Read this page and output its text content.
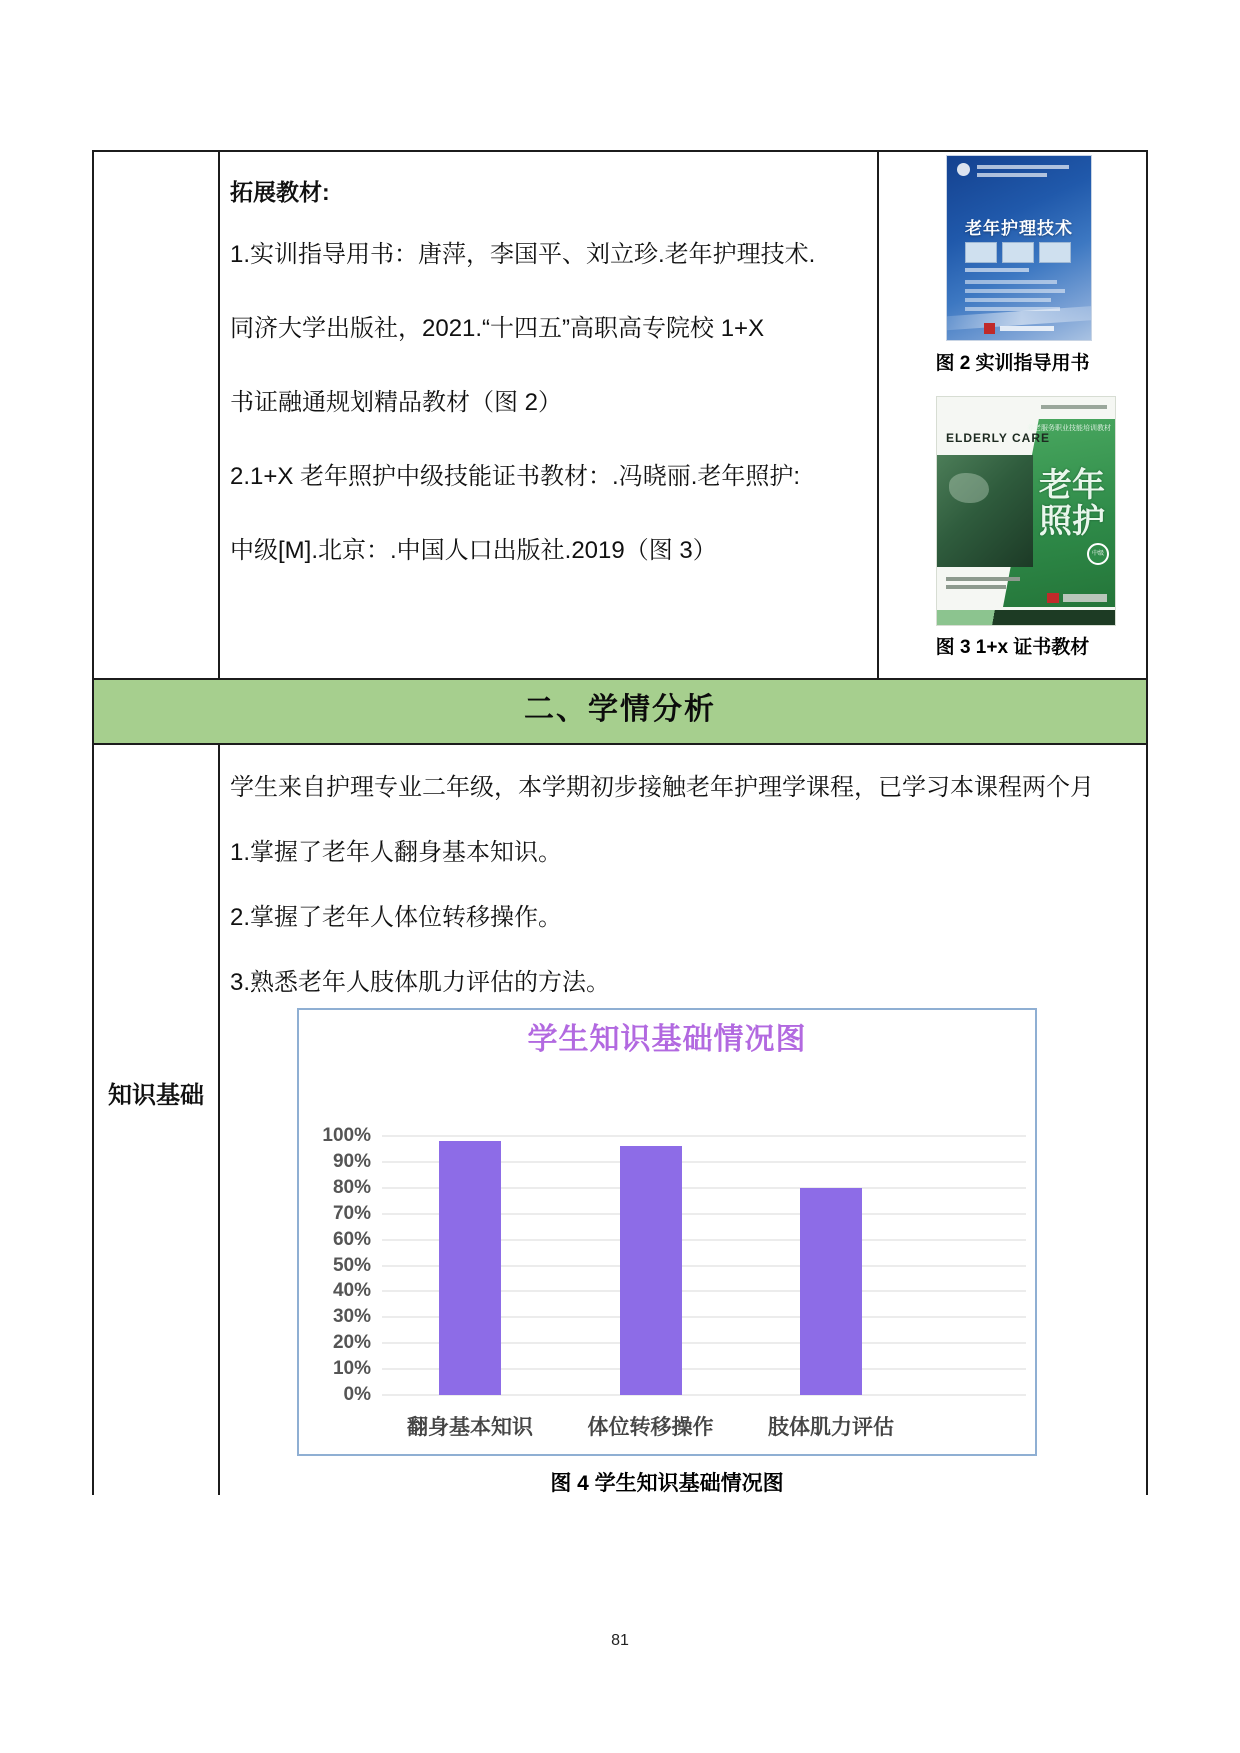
拓展教材:

1.实训指导用书：唐萍，李国平、刘立珍.老年护理技术.
同济大学出版社，2021.“十四五”高职高专院校 1+X
书证融通规划精品教材（图 2）
2.1+X 老年照护中级技能证书教材：.冯晓丽.老年照护:
中级[M].北京：.中国人口出版社.2019（图 3）
老年护理技术
图 2 实训指导用书
ELDERLY CARE
养老服务职业技能培训教材
老年
照护
中级
图 3 1+x 证书教材
二、学情分析
知识基础
学生来自护理专业二年级，本学期初步接触老年护理学课程，已学习本课程两个月
1.掌握了老年人翻身基本知识。
2.掌握了老年人体位转移操作。
3.熟悉老年人肢体肌力评估的方法。
学生知识基础情况图
0%
10%
20%
30%
40%
50%
60%
70%
80%
90%
100%
翻身基本知识	体位转移操作	肢体肌力评估
图 4 学生知识基础情况图
81
